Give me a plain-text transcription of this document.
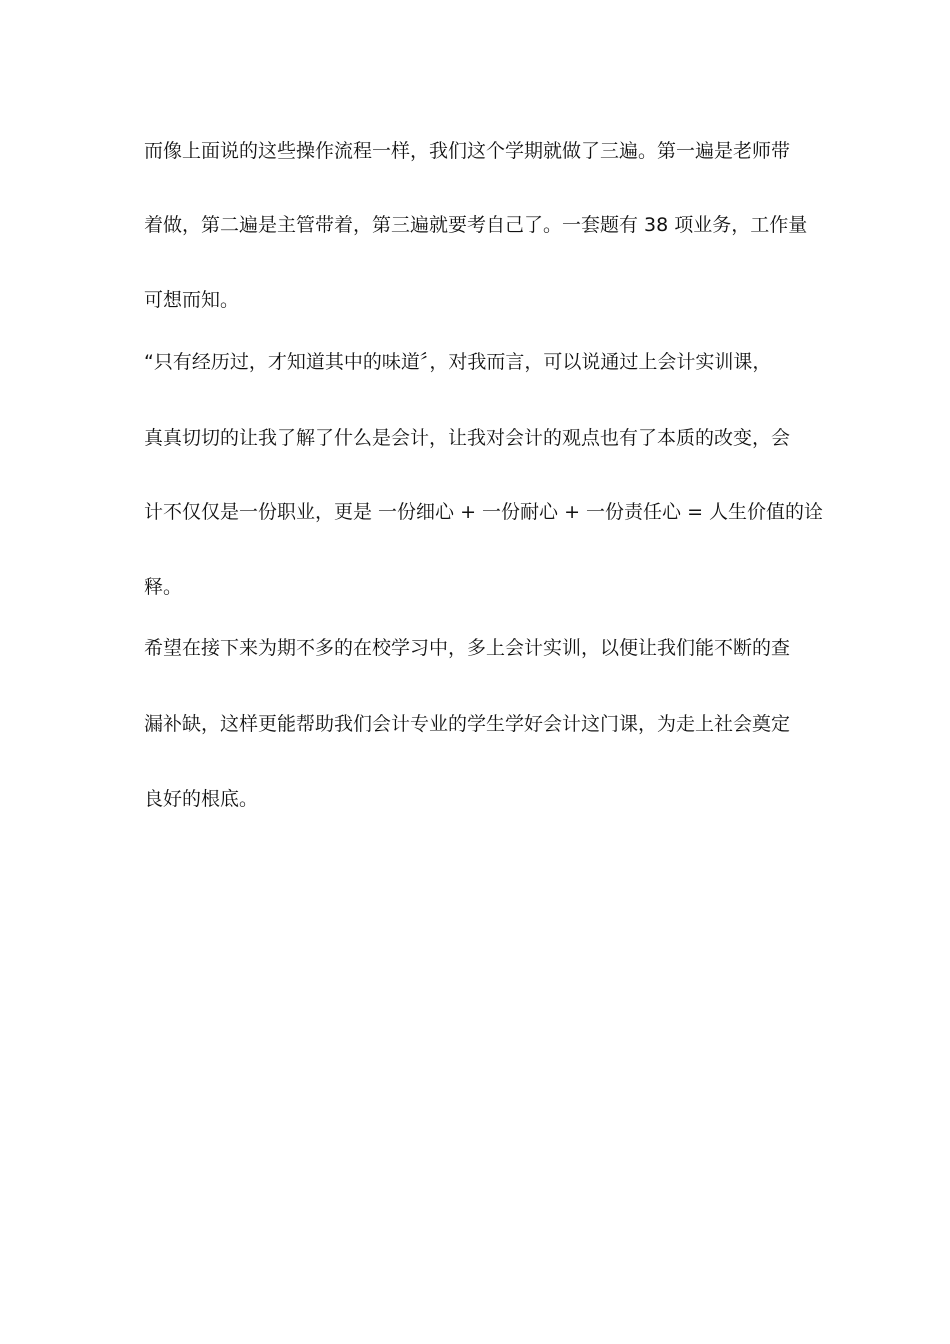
而像上面说的这些操作流程一样，我们这个学期就做了三遍。第一遍是老师带
着做，第二遍是主管带着，第三遍就要考自己了。一套题有 38 项业务，工作量
可想而知。
“只有经历过，才知道其中的味道〞，对我而言，可以说通过上会计实训课，
真真切切的让我了解了什么是会计，让我对会计的观点也有了本质的改变，会
计不仅仅是一份职业，更是 一份细心 + 一份耐心 + 一份责任心 = 人生价值的诠
释。
希望在接下来为期不多的在校学习中，多上会计实训，以便让我们能不断的查
漏补缺，这样更能帮助我们会计专业的学生学好会计这门课，为走上社会奠定
良好的根底。
